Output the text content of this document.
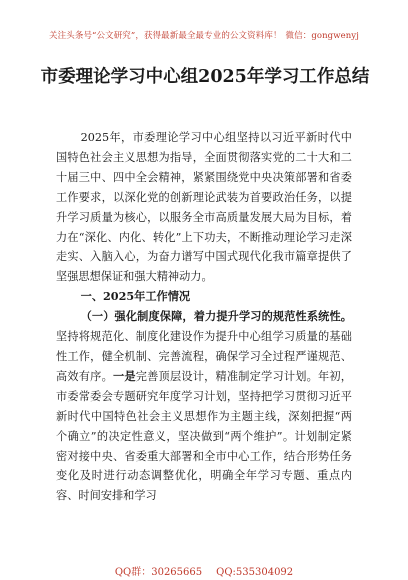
关注头条号“公文研究”，获得最新最全最专业的公文资料库！ 微信：gongwenyj
市委理论学习中心组2025年学习工作总结

2025年，市委理论学习中心组坚持以习近平新时代中国特色社会主义思想为指导，全面贯彻落实党的二十大和二十届三中、四中全会精神，紧紧围绕党中央决策部署和省委工作要求，以深化党的创新理论武装为首要政治任务，以提升学习质量为核心，以服务全市高质量发展大局为目标，着力在“深化、内化、转化”上下功夫，不断推动理论学习走深走实、入脑入心，为奋力谱写中国式现代化我市篇章提供了坚强思想保证和强大精神动力。

一、2025年工作情况

（一）强化制度保障，着力提升学习的规范性系统性。坚持将规范化、制度化建设作为提升中心组学习质量的基础性工作，健全机制、完善流程，确保学习全过程严谨规范、高效有序。一是完善顶层设计，精准制定学习计划。年初，市委常委会专题研究年度学习计划，坚持把学习贯彻习近平新时代中国特色社会主义思想作为主题主线，深刻把握“两个确立”的决定性意义，坚决做到“两个维护”。计划制定紧密对接中央、省委重大部署和全市中心工作，结合形势任务变化及时进行动态调整优化，明确全年学习专题、重点内容、时间安排和学习

QQ群：30265665 QQ:535304092
